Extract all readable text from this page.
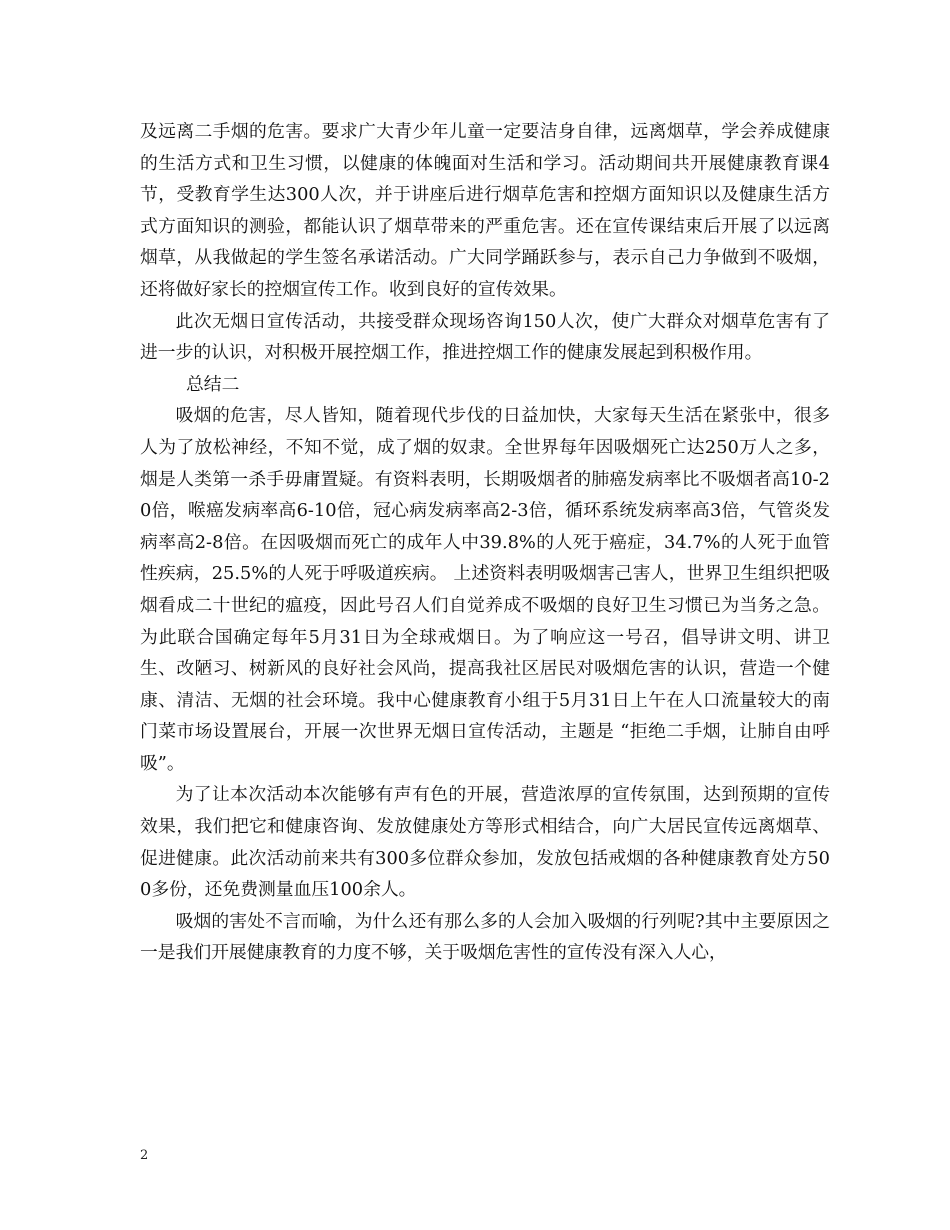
及远离二手烟的危害。要求广大青少年儿童一定要洁身自律，远离烟草，学会养成健康的生活方式和卫生习惯，以健康的体魄面对生活和学习。活动期间共开展健康教育课4节，受教育学生达300人次，并于讲座后进行烟草危害和控烟方面知识以及健康生活方式方面知识的测验，都能认识了烟草带来的严重危害。还在宣传课结束后开展了以远离烟草，从我做起的学生签名承诺活动。广大同学踊跃参与，表示自己力争做到不吸烟，还将做好家长的控烟宣传工作。收到良好的宣传效果。

此次无烟日宣传活动，共接受群众现场咨询150人次，使广大群众对烟草危害有了进一步的认识，对积极开展控烟工作，推进控烟工作的健康发展起到积极作用。

总结二

吸烟的危害，尽人皆知，随着现代步伐的日益加快，大家每天生活在紧张中，很多人为了放松神经，不知不觉，成了烟的奴隶。全世界每年因吸烟死亡达250万人之多，烟是人类第一杀手毋庸置疑。有资料表明，长期吸烟者的肺癌发病率比不吸烟者高10-20倍，喉癌发病率高6-10倍，冠心病发病率高2-3倍，循环系统发病率高3倍，气管炎发病率高2-8倍。在因吸烟而死亡的成年人中39.8%的人死于癌症，34.7%的人死于血管性疾病，25.5%的人死于呼吸道疾病。 上述资料表明吸烟害己害人，世界卫生组织把吸烟看成二十世纪的瘟疫，因此号召人们自觉养成不吸烟的良好卫生习惯已为当务之急。为此联合国确定每年5月31日为全球戒烟日。为了响应这一号召，倡导讲文明、讲卫生、改陋习、树新风的良好社会风尚，提高我社区居民对吸烟危害的认识，营造一个健康、清洁、无烟的社会环境。我中心健康教育小组于5月31日上午在人口流量较大的南门菜市场设置展台，开展一次世界无烟日宣传活动，主题是 “拒绝二手烟，让肺自由呼吸”。

为了让本次活动本次能够有声有色的开展，营造浓厚的宣传氛围，达到预期的宣传效果，我们把它和健康咨询、发放健康处方等形式相结合，向广大居民宣传远离烟草、促进健康。此次活动前来共有300多位群众参加，发放包括戒烟的各种健康教育处方500多份，还免费测量血压100余人。

吸烟的害处不言而喻，为什么还有那么多的人会加入吸烟的行列呢?其中主要原因之一是我们开展健康教育的力度不够，关于吸烟危害性的宣传没有深入人心，

2
